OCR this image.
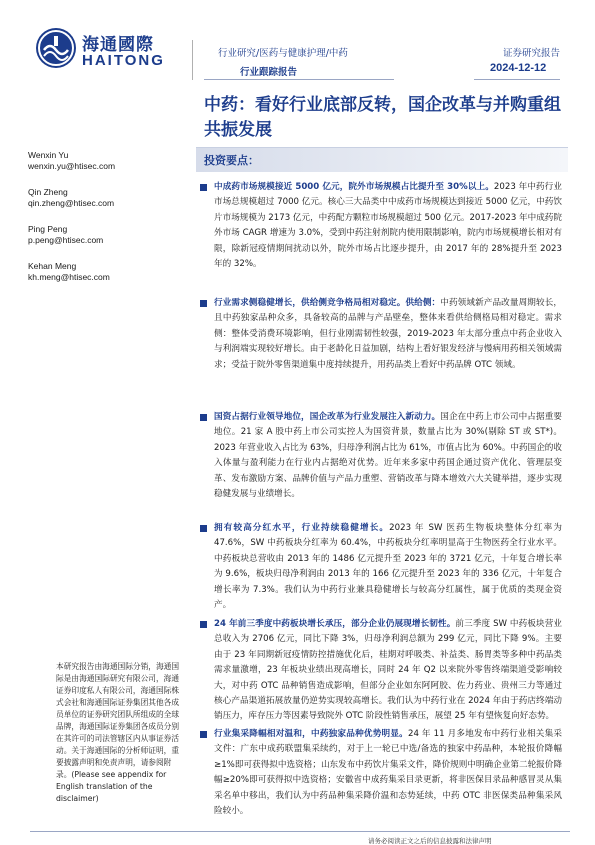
海通國際
HAITONG	行业研究/医药与健康护理/中药
行业跟踪报告
证券研究报告
2024-12-12
中药：看好行业底部反转，国企改革与并购重组共振发展
Wenxin Yu
wenxin.yu@htisec.com
Qin Zheng
qin.zheng@htisec.com
Ping Peng
p.peng@htisec.com
Kehan Meng
kh.meng@htisec.com
投资要点：
中成药市场规模接近 5000 亿元，院外市场规模占比提升至 30%以上。2023 年中药行业市场总规模超过 7000 亿元。核心三大品类中中成药市场规模达到接近 5000 亿元，中药饮片市场规模为 2173 亿元，中药配方颗粒市场规模超过 500 亿元。2017-2023 年中成药院外市场 CAGR 增速为 3.0%，受到中药注射剂院内使用限制影响，院内市场规模增长相对有限，除新冠疫情期间扰动以外，院外市场占比逐步提升，由 2017 年的 28%提升至 2023 年的 32%。
行业需求侧稳健增长，供给侧竞争格局相对稳定。供给侧：中药领域新产品改量周期较长，且中药独家品种众多，具备较高的品牌与产品壁垒，整体来看供给侧格局相对稳定。需求侧：整体受消费环境影响，但行业刚需韧性较强，2019-2023 年太部分重点中药企业收入与利润端实现较好增长。由于老龄化日益加剧，结构上看好银发经济与慢病用药相关领域需求；受益于院外零售渠道集中度持续提升，用药品类上看好中药品牌 OTC 领域。
国资占据行业领导地位，国企改革为行业发展注入新动力。国企在中药上市公司中占据重要地位。21 家 A 股中药上市公司实控人为国资背景，数量占比为 30%(剔除 ST 或 ST*)。2023 年营业收入占比为 63%，归母净利润占比为 61%，市值占比为 60%。中药国企的收入体量与盈利能力在行业内占据绝对优势。近年来多家中药国企通过资产优化、管理层变革、发布激励方案、品牌价值与产品力重塑、营销改革与降本增效六大关键举措，逐步实现稳健发展与业绩增长。
拥有较高分红水平，行业持续稳健增长。2023 年 SW 医药生物板块整体分红率为 47.6%，SW 中药板块分红率为 60.4%，中药板块分红率明显高于生物医药全行业水平。中药板块总营收由 2013 年的 1486 亿元提升至 2023 年的 3721 亿元，十年复合增长率为 9.6%，板块归母净利润由 2013 年的 166 亿元提升至 2023 年的 336 亿元，十年复合增长率为 7.3%。我们认为中药行业兼具稳健增长与较高分红属性，属于优质的类现金资产。
24 年前三季度中药板块增长承压，部分企业仍展现增长韧性。前三季度 SW 中药板块营业总收入为 2706 亿元，同比下降 3%，归母净利润总额为 299 亿元，同比下降 9%。主要由于 23 年同期新冠疫情防控措施优化后，桂期对呼吸类、补益类、肠胃类等多种中药品类需求量激增，23 年板块业绩出现高增长，同时 24 年 Q2 以来院外零售终端渠道受影响较大，对中药 OTC 品种销售造成影响，但部分企业如东阿阿胶、佐力药业、贵州三力等通过核心产品渠道拓展放量仍逆势实现较高增长。我们认为中药行业在 2024 年由于药店终端动销压力，库存压力等因素导致院外 OTC 阶段性销售承压，展望 25 年有望恢复向好态势。
行业集采降幅相对温和，中药独家品种优势明显。24 年 11 月多地发布中药行业相关集采文件：广东中成药联盟集采续约，对于上一轮已中选/备选的独家中药品种，本轮报价降幅≥1%即可获得拟中选资格；山东发布中药饮片集采文件，降价规则中明确企业第二轮报价降幅≥20%即可获得拟中选资格；安徽省中成药集采目录更新，将非医保目录品种感冒灵从集采名单中移出，我们认为中药品种集采降价温和态势延续，中药 OTC 非医保类品种集采风险较小。
本研究报告由海通国际分销，海通国际是由海通国际研究有限公司，海通证券印度私人有限公司，海通国际株式会社和海通国际证券集团其他各成员单位的证券研究团队所组成的全球品牌，海通国际证券集团各成员分别在其许可的司法管辖区内从事证券活动。关于海通国际的分析师证明，重要披露声明和免责声明，请参阅附录。(Please see appendix for English translation of the disclaimer)
请务必阅读正文之后的信息披露和法律声明
